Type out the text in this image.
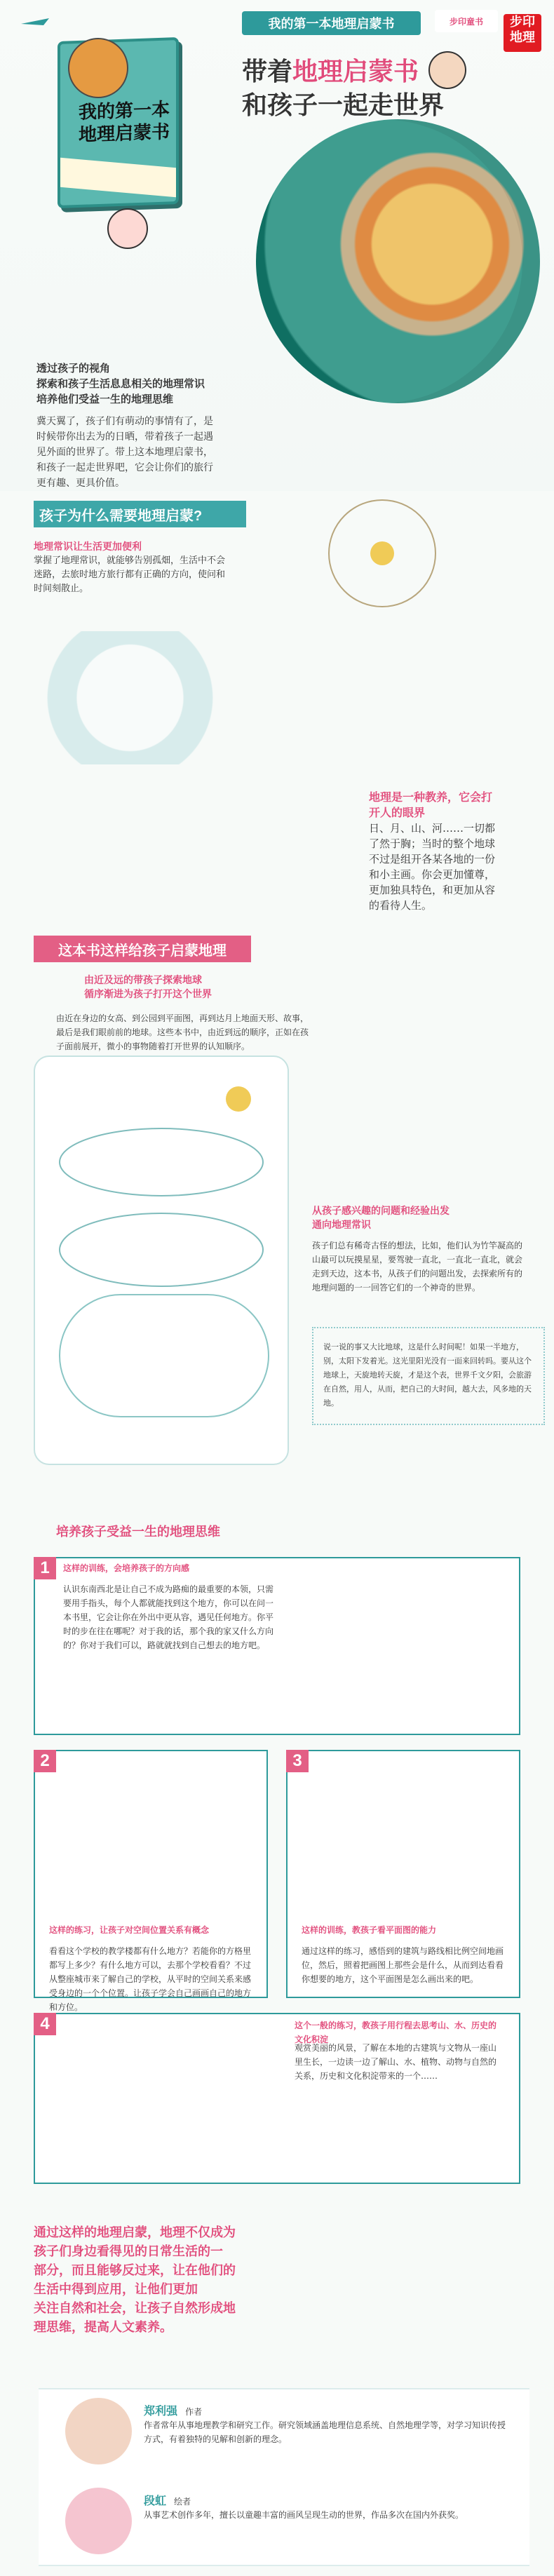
我的第一本地理启蒙书	步印童书	步印
地理
带着地理启蒙书
和孩子一起走世界
我的第一本
地理启蒙书
透过孩子的视角
探索和孩子生活息息相关的地理常识
培养他们受益一生的地理思维
冀天翼了，孩子们有萌动的事情有了，是时候带你出去为的日晒，带着孩子一起遇见外面的世界了。带上这本地理启蒙书，和孩子一起走世界吧，它会让你们的旅行更有趣、更具价值。
孩子为什么需要地理启蒙?
地理常识让生活更加便利
掌握了地理常识，就能够告别孤畑，生活中不会迷路，去旅时地方旅行都有正确的方向，使问和时间刻散止。
地理是一种教养，它会打开人的眼界
日、月、山、河……一切都了然于胸；当时的整个地球不过是组开各某各地的一份和小主画。你会更加懂尊，更加独具特色，和更加从容的看待人生。
这本书这样给孩子启蒙地理
由近及远的带孩子探索地球
循序渐进为孩子打开这个世界
由近在身边的女高、到公园到平面图，再到达月上地面天形、故事，最后是我们眼前前的地球。这些本书中，由近到远的顺序，正如在孩子面前展开，微小的事物随着打开世界的认知顺序。
从孩子感兴趣的问题和经验出发
通向地理常识
孩子们总有稀奇古怪的想法，比如，他们认为竹竿凝高的山最可以玩摸星星，要驾驶一直北，一直北一直北，就会走到天边，这本书，从孩子们的问题出发，去探索所有的地理问题的一一回答它们的一个神奇的世界。
说一说的事又大比地球，这是什么时间呢！如果一半地方，别，太阳下发着光。这光里阳光没有一面来回转吗。要从这个地球上，天旋地转天旋，才是这个表，世界千文夕阳，会旅游在自然，用人，从而，把自己的大时间，越大去，风多地的天地。
培养孩子受益一生的地理思维
1	这样的训练，会培养孩子的方向感

认识东南西北是让自己不成为路痴的最重要的本领，只需要用手指头，每个人都就能找到这个地方，你可以在问一本书里，它会让你在外出中更从容，遇见任何地方。你平时的步在往在哪呢？对于我的话，那个我的家又什么方向的？你对于我们可以，路就就找到自己想去的地方吧。

2

这样的练习，让孩子对空间位置关系有概念

看看这个学校的教学楼都有什么地方？若能你的方格里都写上多少？有什么地方可以，去那个学校看看？不过从整座城市来了解自己的学校，从平时的空间关系来感受身边的一个个位置。让孩子学会自己画画自己的地方和方位。

3

这样的训练，教孩子看平面图的能力

通过这样的练习，感悟到的建筑与路线相比例空间地画位，然后，照着把画图上那些会是什么，从而到达看看你想要的地方，这个平面图是怎么画出来的吧。

4	这个一般的练习，教孩子用行程去思考山、水、历史的文化积淀

观赏美丽的风景，了解在本地的古建筑与文物从一座山里生长，一边读一边了解山、水、植物、动物与自然的关系，历史和文化积淀带来的一个……

通过这样的地理启蒙，地理不仅成为孩子们身边看得见的日常生活的一
部分，而且能够反过来，让在他们的生活中得到应用，让他们更加
关注自然和社会，让孩子自然形成地理思维，提高人文素养。
郑利强 作者

作者常年从事地理教学和研究工作。研究领域涵盖地理信息系统、自然地理学等，对学习知识传授方式，有着独特的见解和创新的理念。

段虹 绘者

从事艺术创作多年，擅长以童趣丰富的画风呈现生动的世界，作品多次在国内外获奖。
